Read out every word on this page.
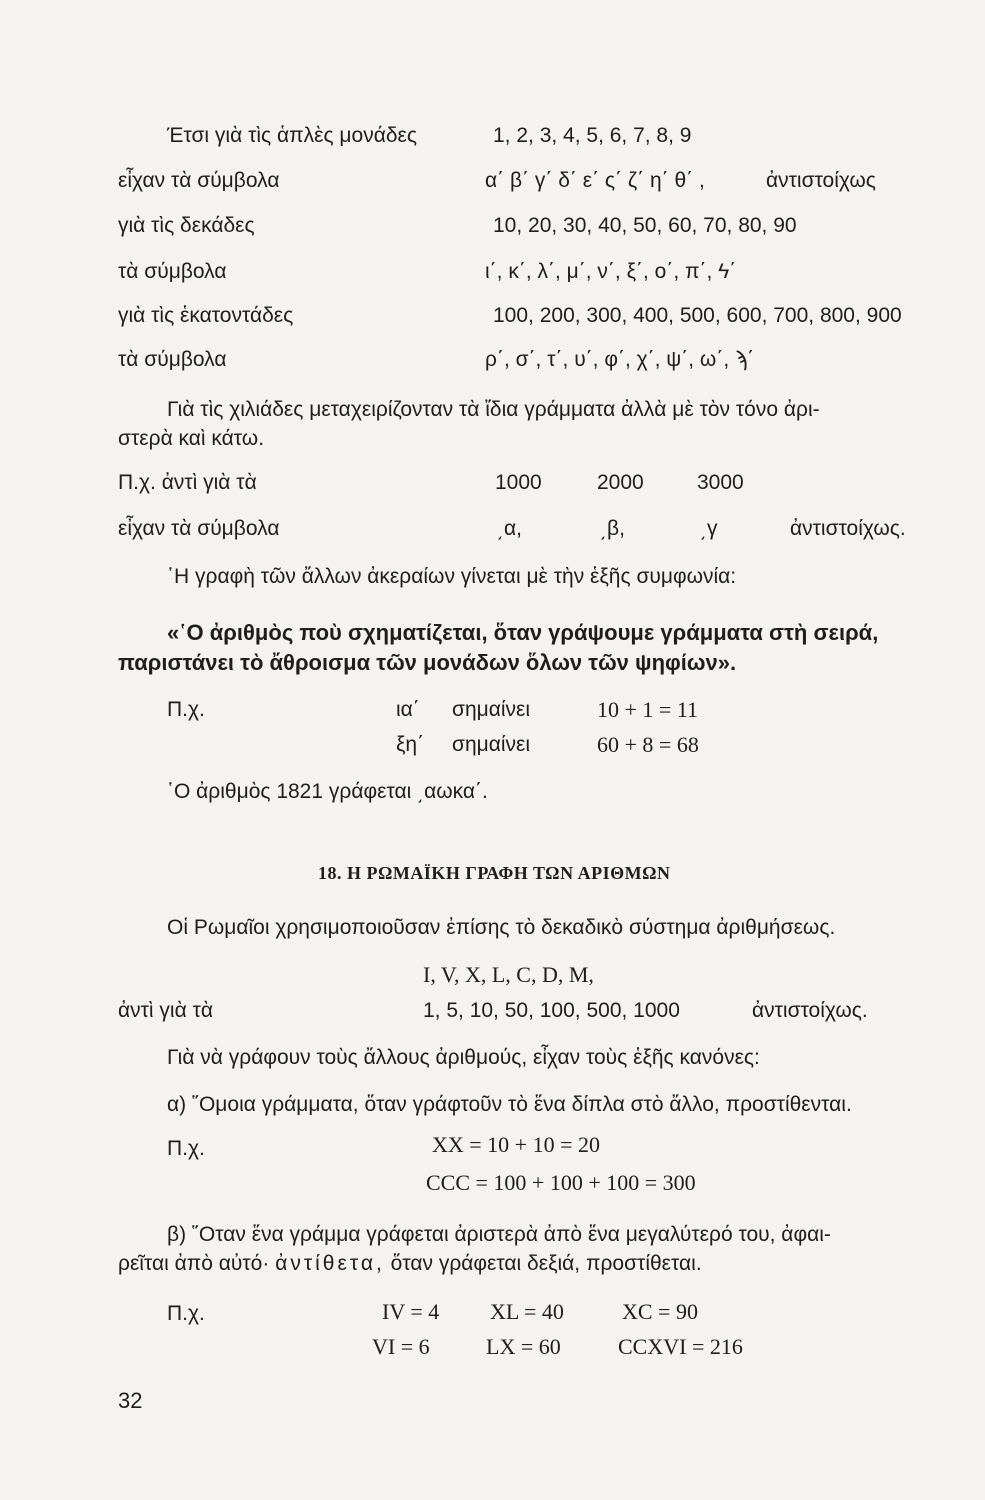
Έτσι γιὰ τὶς ἁπλὲς μονάδες	1, 2, 3, 4, 5, 6, 7, 8, 9
εἶχαν τὰ σύμβολα	α΄ β΄ γ΄ δ΄ ε΄ ς΄ ζ΄ η΄ θ΄ ,	ἀντιστοίχως
γιὰ τὶς δεκάδες	10, 20, 30, 40, 50, 60, 70, 80, 90
τὰ σύμβολα	ι΄, κ΄, λ΄, μ΄, ν΄, ξ΄, ο΄, π΄, ϟ΄
γιὰ τὶς ἑκατοντάδες	100, 200, 300, 400, 500, 600, 700, 800, 900
τὰ σύμβολα	ρ΄, σ΄, τ΄, υ΄, φ΄, χ΄, ψ΄, ω΄, ϡ΄
Γιὰ τὶς χιλιάδες μεταχειρίζονταν τὰ ἴδια γράμματα ἀλλὰ μὲ τὸν τόνο ἀρι-
στερὰ καὶ κάτω.
Π.χ. ἀντὶ γιὰ τὰ	1000	2000	3000
εἶχαν τὰ σύμβολα	͵α,	͵β,	͵γ	ἀντιστοίχως.
῾Η γραφὴ τῶν ἄλλων ἀκεραίων γίνεται μὲ τὴν ἑξῆς συμφωνία:
«῾Ο ἀριθμὸς ποὺ σχηματίζεται, ὅταν γράψουμε γράμματα στὴ σειρά,
παριστάνει τὸ ἄθροισμα τῶν μονάδων ὅλων τῶν ψηφίων».
Π.χ.	ια΄ σημαίνει	10 + 1 = 11
ξη΄ σημαίνει	60 + 8 = 68
῾Ο ἀριθμὸς 1821 γράφεται ͵αωκα΄.
18. Η ΡΩΜΑΪΚΗ ΓΡΑΦΗ ΤΩΝ ΑΡΙΘΜΩΝ
Οἱ Ρωμαῖοι χρησιμοποιοῦσαν ἐπίσης τὸ δεκαδικὸ σύστημα ἀριθμήσεως.
I, V, X, L, C, D, M,
ἀντὶ γιὰ τὰ	1, 5, 10, 50, 100, 500, 1000	ἀντιστοίχως.
Γιὰ νὰ γράφουν τοὺς ἄλλους ἀριθμούς, εἶχαν τοὺς ἑξῆς κανόνες:
α) ῞Ομοια γράμματα, ὅταν γράφτοῦν τὸ ἕνα δίπλα στὸ ἄλλο, προστίθενται.
Π.χ.	XX = 10 + 10 = 20
CCC = 100 + 100 + 100 = 300
β) ῞Οταν ἕνα γράμμα γράφεται ἀριστερὰ ἀπὸ ἕνα μεγαλύτερό του, ἀφαι-
ρεῖται ἀπὸ αὐτό· ἀντίθετα, ὅταν γράφεται δεξιά, προστίθεται.
Π.χ.	IV = 4 XL = 40	XC = 90
VI = 6	LX = 60	CCXVI = 216
32
